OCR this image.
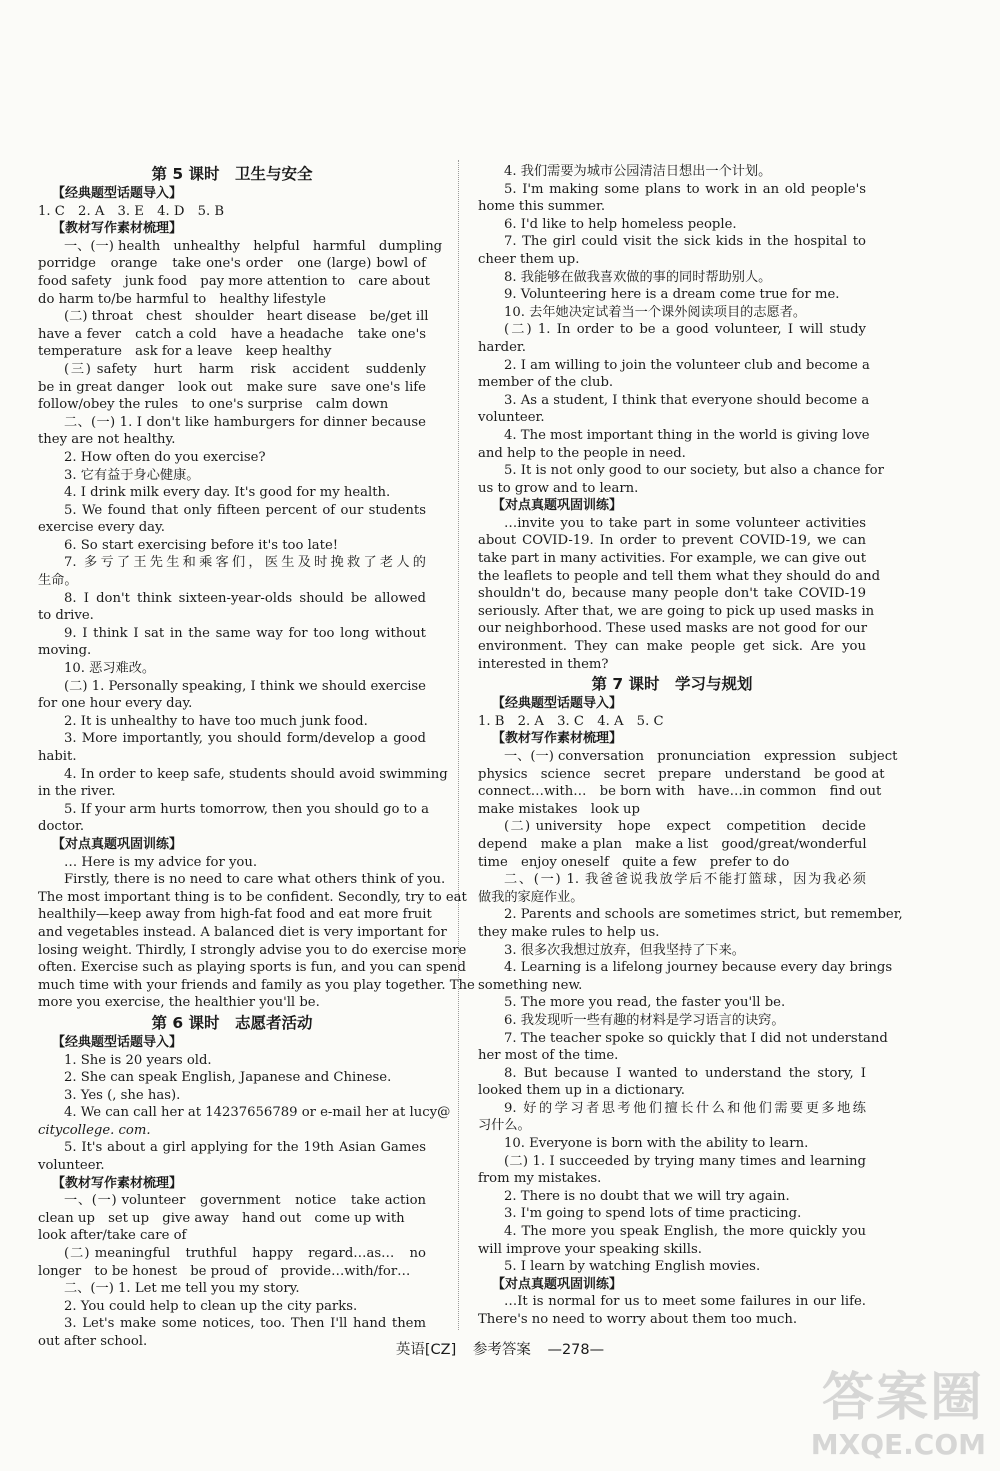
第 5 课时　卫生与安全
【经典题型话题导入】
1. C　2. A　3. E　4. D　5. B
【教材写作素材梳理】
一、(一) health　unhealthy　helpful　harmful　dumpling
porridge　orange　take one's order　one (large) bowl of
food safety　junk food　pay more attention to　care about
do harm to/be harmful to　healthy lifestyle
(二) throat　chest　shoulder　heart disease　be/get ill
have a fever　catch a cold　have a headache　take one's
temperature　ask for a leave　keep healthy
(三) safety　hurt　harm　risk　accident　suddenly
be in great danger　look out　make sure　save one's life
follow/obey the rules　to one's surprise　calm down
二、(一) 1. I don't like hamburgers for dinner because
they are not healthy.
2. How often do you exercise?
3. 它有益于身心健康。
4. I drink milk every day. It's good for my health.
5. We found that only fifteen percent of our students
exercise every day.
6. So start exercising before it's too late!
7. 多亏了王先生和乘客们，医生及时挽救了老人的
生命。
8. I don't think sixteen-year-olds should be allowed
to drive.
9. I think I sat in the same way for too long without
moving.
10. 恶习难改。
(二) 1. Personally speaking, I think we should exercise
for one hour every day.
2. It is unhealthy to have too much junk food.
3. More importantly, you should form/develop a good
habit.
4. In order to keep safe, students should avoid swimming
in the river.
5. If your arm hurts tomorrow, then you should go to a
doctor.
【对点真题巩固训练】
… Here is my advice for you.
Firstly, there is no need to care what others think of you.
The most important thing is to be confident. Secondly, try to eat
healthily—keep away from high-fat food and eat more fruit
and vegetables instead. A balanced diet is very important for
losing weight. Thirdly, I strongly advise you to do exercise more
often. Exercise such as playing sports is fun, and you can spend
much time with your friends and family as you play together. The
more you exercise, the healthier you'll be.
第 6 课时　志愿者活动
【经典题型话题导入】
1. She is 20 years old.
2. She can speak English, Japanese and Chinese.
3. Yes (, she has).
4. We can call her at 14237656789 or e-mail her at lucy@
citycollege. com.
5. It's about a girl applying for the 19th Asian Games
volunteer.
【教材写作素材梳理】
一、(一) volunteer　government　notice　take action
clean up　set up　give away　hand out　come up with
look after/take care of
(二) meaningful　truthful　happy　regard…as…　no
longer　to be honest　be proud of　provide…with/for…
二、(一) 1. Let me tell you my story.
2. You could help to clean up the city parks.
3. Let's make some notices, too. Then I'll hand them
out after school.
4. 我们需要为城市公园清洁日想出一个计划。
5. I'm making some plans to work in an old people's
home this summer.
6. I'd like to help homeless people.
7. The girl could visit the sick kids in the hospital to
cheer them up.
8. 我能够在做我喜欢做的事的同时帮助别人。
9. Volunteering here is a dream come true for me.
10. 去年她决定试着当一个课外阅读项目的志愿者。
(二) 1. In order to be a good volunteer, I will study
harder.
2. I am willing to join the volunteer club and become a
member of the club.
3. As a student, I think that everyone should become a
volunteer.
4. The most important thing in the world is giving love
and help to the people in need.
5. It is not only good to our society, but also a chance for
us to grow and to learn.
【对点真题巩固训练】
…invite you to take part in some volunteer activities
about COVID-19. In order to prevent COVID-19, we can
take part in many activities. For example, we can give out
the leaflets to people and tell them what they should do and
shouldn't do, because many people don't take COVID-19
seriously. After that, we are going to pick up used masks in
our neighborhood. These used masks are not good for our
environment. They can make people get sick. Are you
interested in them?
第 7 课时　学习与规划
【经典题型话题导入】
1. B　2. A　3. C　4. A　5. C
【教材写作素材梳理】
一、(一) conversation　pronunciation　expression　subject
physics　science　secret　prepare　understand　be good at
connect…with…　be born with　have…in common　find out
make mistakes　look up
(二) university　hope　expect　competition　decide
depend　make a plan　make a list　good/great/wonderful
time　enjoy oneself　quite a few　prefer to do
二、(一) 1. 我爸爸说我放学后不能打篮球，因为我必须
做我的家庭作业。
2. Parents and schools are sometimes strict, but remember,
they make rules to help us.
3. 很多次我想过放弃，但我坚持了下来。
4. Learning is a lifelong journey because every day brings
something new.
5. The more you read, the faster you'll be.
6. 我发现听一些有趣的材料是学习语言的诀窍。
7. The teacher spoke so quickly that I did not understand
her most of the time.
8. But because I wanted to understand the story, I
looked them up in a dictionary.
9. 好的学习者思考他们擅长什么和他们需要更多地练
习什么。
10. Everyone is born with the ability to learn.
(二) 1. I succeeded by trying many times and learning
from my mistakes.
2. There is no doubt that we will try again.
3. I'm going to spend lots of time practicing.
4. The more you speak English, the more quickly you
will improve your speaking skills.
5. I learn by watching English movies.
【对点真题巩固训练】
…It is normal for us to meet some failures in our life.
There's no need to worry about them too much.
英语[CZ] 参考答案 —278—
答案圈
MXQE.COM
